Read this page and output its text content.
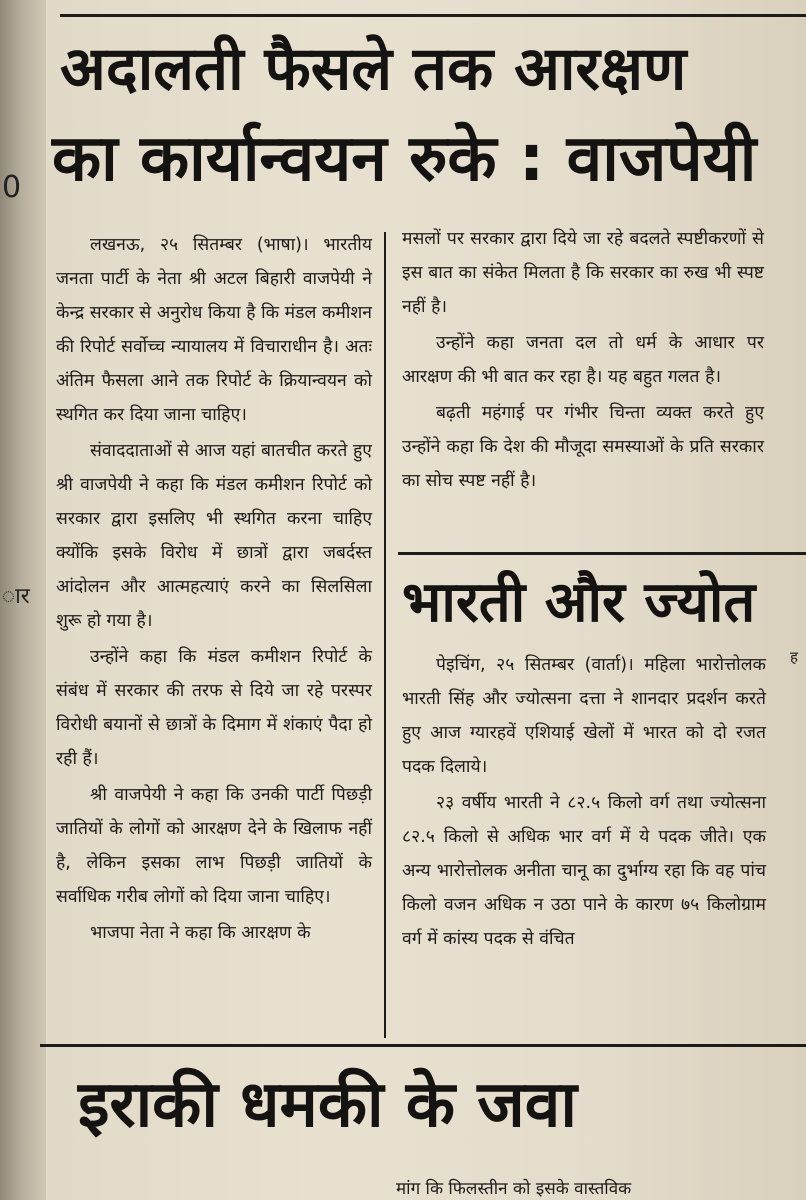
0
ार
अदालती फैसले तक आरक्षण
का कार्यान्वयन रुके : वाजपेयी

लखनऊ, २५ सितम्बर (भाषा)। भारतीय जनता पार्टी के नेता श्री अटल बिहारी वाजपेयी ने केन्द्र सरकार से अनुरोध किया है कि मंडल कमीशन की रिपोर्ट सर्वोच्च न्यायालय में विचाराधीन है। अतः अंतिम फैसला आने तक रिपोर्ट के क्रियान्वयन को स्थगित कर दिया जाना चाहिए।

संवाददाताओं से आज यहां बातचीत करते हुए श्री वाजपेयी ने कहा कि मंडल कमीशन रिपोर्ट को सरकार द्वारा इसलिए भी स्थगित करना चाहिए क्योंकि इसके विरोध में छात्रों द्वारा जबर्दस्त आंदोलन और आत्महत्याएं करने का सिलसिला शुरू हो गया है।

उन्होंने कहा कि मंडल कमीशन रिपोर्ट के संबंध में सरकार की तरफ से दिये जा रहे परस्पर विरोधी बयानों से छात्रों के दिमाग में शंकाएं पैदा हो रही हैं।

श्री वाजपेयी ने कहा कि उनकी पार्टी पिछड़ी जातियों के लोगों को आरक्षण देने के खिलाफ नहीं है, लेकिन इसका लाभ पिछड़ी जातियों के सर्वाधिक गरीब लोगों को दिया जाना चाहिए।

भाजपा नेता ने कहा कि आरक्षण के

मसलों पर सरकार द्वारा दिये जा रहे बदलते स्पष्टीकरणों से इस बात का संकेत मिलता है कि सरकार का रुख भी स्पष्ट नहीं है।

उन्होंने कहा जनता दल तो धर्म के आधार पर आरक्षण की भी बात कर रहा है। यह बहुत गलत है।

बढ़ती महंगाई पर गंभीर चिन्ता व्यक्त करते हुए उन्होंने कहा कि देश की मौजूदा समस्याओं के प्रति सरकार का सोच स्पष्ट नहीं है।

भारती और ज्योत

पेइचिंग, २५ सितम्बर (वार्ता)। महिला भारोत्तोलक भारती सिंह और ज्योत्सना दत्ता ने शानदार प्रदर्शन करते हुए आज ग्यारहवें एशियाई खेलों में भारत को दो रजत पदक दिलाये।

२३ वर्षीय भारती ने ८२.५ किलो वर्ग तथा ज्योत्सना ८२.५ किलो से अधिक भार वर्ग में ये पदक जीते। एक अन्य भारोत्तोलक अनीता चानू का दुर्भाग्य रहा कि वह पांच किलो वजन अधिक न उठा पाने के कारण ७५ किलोग्राम वर्ग में कांस्य पदक से वंचित

ह
इराकी धमकी के जवा
मांग कि फिलस्तीन को इसके वास्तविक
